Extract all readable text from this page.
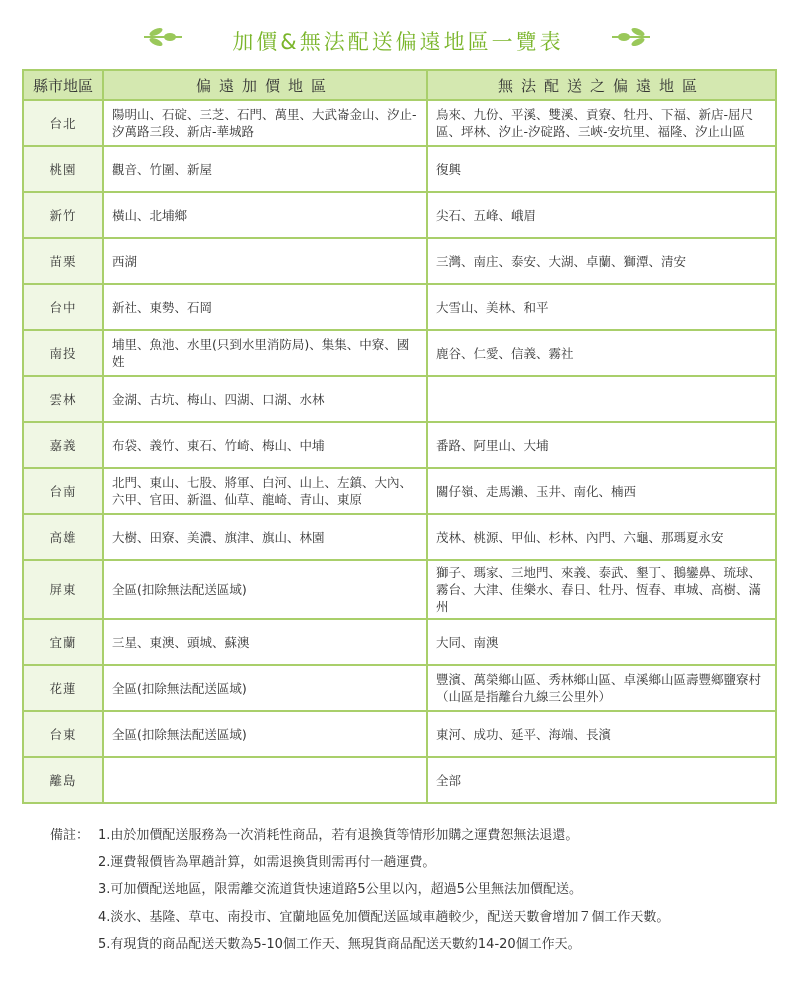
加價&無法配送偏遠地區一覽表
縣市地區	偏遠加價地區	無法配送之偏遠地區
台北	陽明山、石碇、三芝、石門、萬里、大武崙金山、汐止-汐萬路三段、新店-華城路	烏來、九份、平溪、雙溪、貢寮、牡丹、下福、新店-屈尺區、坪林、汐止-汐碇路、三峽-安坑里、福隆、汐止山區
桃園	觀音、竹圍、新屋	復興
新竹	橫山、北埔鄉	尖石、五峰、峨眉
苗栗	西湖	三灣、南庄、泰安、大湖、卓蘭、獅潭、清安
台中	新社、東勢、石岡	大雪山、美林、和平
南投	埔里、魚池、水里(只到水里消防局)、集集、中寮、國姓	鹿谷、仁愛、信義、霧社
雲林	金湖、古坑、梅山、四湖、口湖、水林	
嘉義	布袋、義竹、東石、竹崎、梅山、中埔	番路、阿里山、大埔
台南	北門、東山、七股、將軍、白河、山上、左鎮、大內、六甲、官田、新溫、仙草、龍崎、青山、東原	關仔嶺、走馬瀨、玉井、南化、楠西
高雄	大樹、田寮、美濃、旗津、旗山、林園	茂林、桃源、甲仙、杉林、內門、六龜、那瑪夏永安
屏東	全區(扣除無法配送區域)	獅子、瑪家、三地門、來義、泰武、墾丁、鵝鑾鼻、琉球、霧台、大津、佳樂水、春日、牡丹、恆春、車城、高樹、滿州
宜蘭	三星、東澳、頭城、蘇澳	大同、南澳
花蓮	全區(扣除無法配送區域)	豐濱、萬榮鄉山區、秀林鄉山區、卓溪鄉山區壽豐鄉鹽寮村 （山區是指離台九線三公里外）
台東	全區(扣除無法配送區域)	東河、成功、延平、海端、長濱
離島		全部
備註： 1.由於加價配送服務為一次消耗性商品，若有退換貨等情形加購之運費恕無法退還。
2.運費報價皆為單趟計算，如需退換貨則需再付一趟運費。
3.可加價配送地區，限需離交流道貨快速道路5公里以內，超過5公里無法加價配送。
4.淡水、基隆、草屯、南投市、宜蘭地區免加價配送區域車趟較少，配送天數會增加７個工作天數。
5.有現貨的商品配送天數為5-10個工作天、無現貨商品配送天數約14-20個工作天。
